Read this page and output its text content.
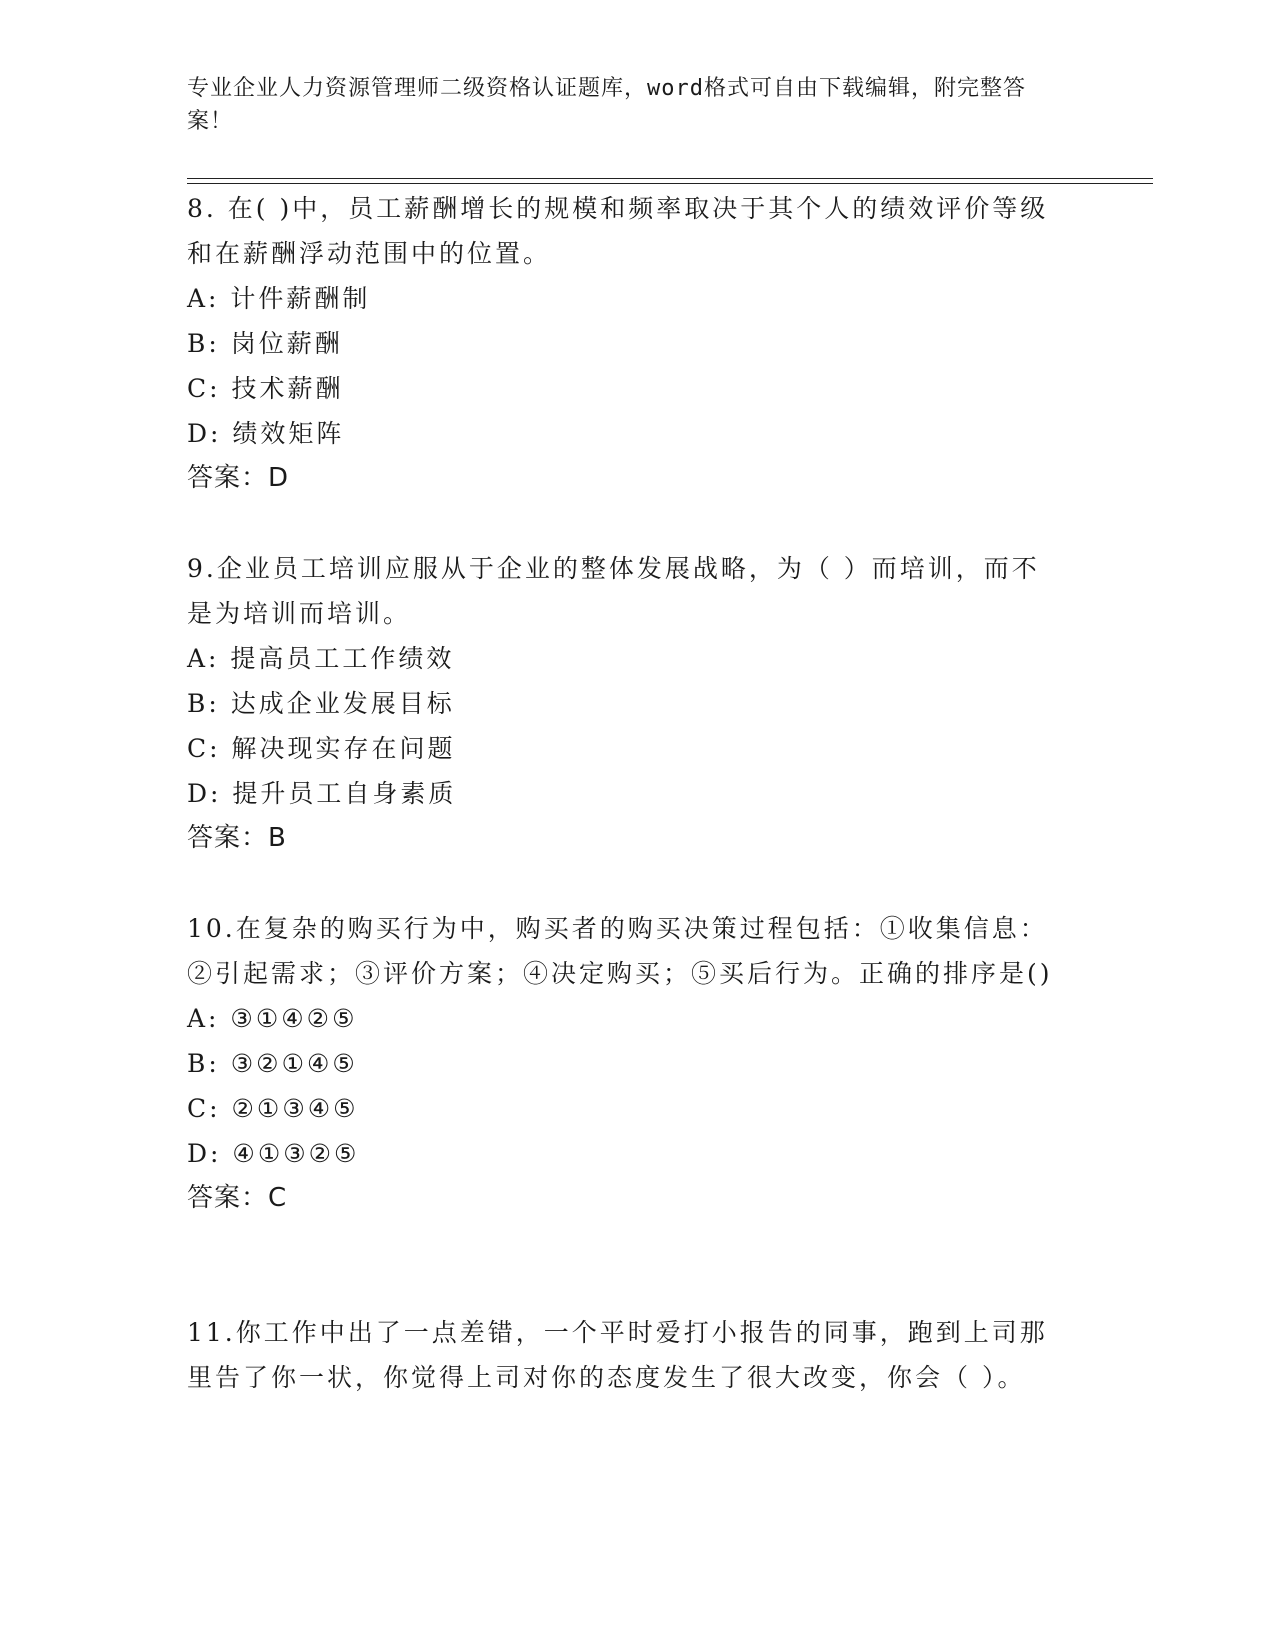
专业企业人力资源管理师二级资格认证题库，word格式可自由下载编辑，附完整答案！

8. 在( )中，员工薪酬增长的规模和频率取决于其个人的绩效评价等级和在薪酬浮动范围中的位置。

A: 计件薪酬制

B: 岗位薪酬

C: 技术薪酬

D: 绩效矩阵

答案：D

9.企业员工培训应服从于企业的整体发展战略，为（ ）而培训，而不是为培训而培训。

A: 提高员工工作绩效

B: 达成企业发展目标

C: 解决现实存在问题

D: 提升员工自身素质

答案：B

10.在复杂的购买行为中，购买者的购买决策过程包括：①收集信息：②引起需求；③评价方案；④决定购买；⑤买后行为。正确的排序是()

A: ③①④②⑤

B: ③②①④⑤

C: ②①③④⑤

D: ④①③②⑤

答案：C

11.你工作中出了一点差错，一个平时爱打小报告的同事，跑到上司那里告了你一状，你觉得上司对你的态度发生了很大改变，你会（ ）。
